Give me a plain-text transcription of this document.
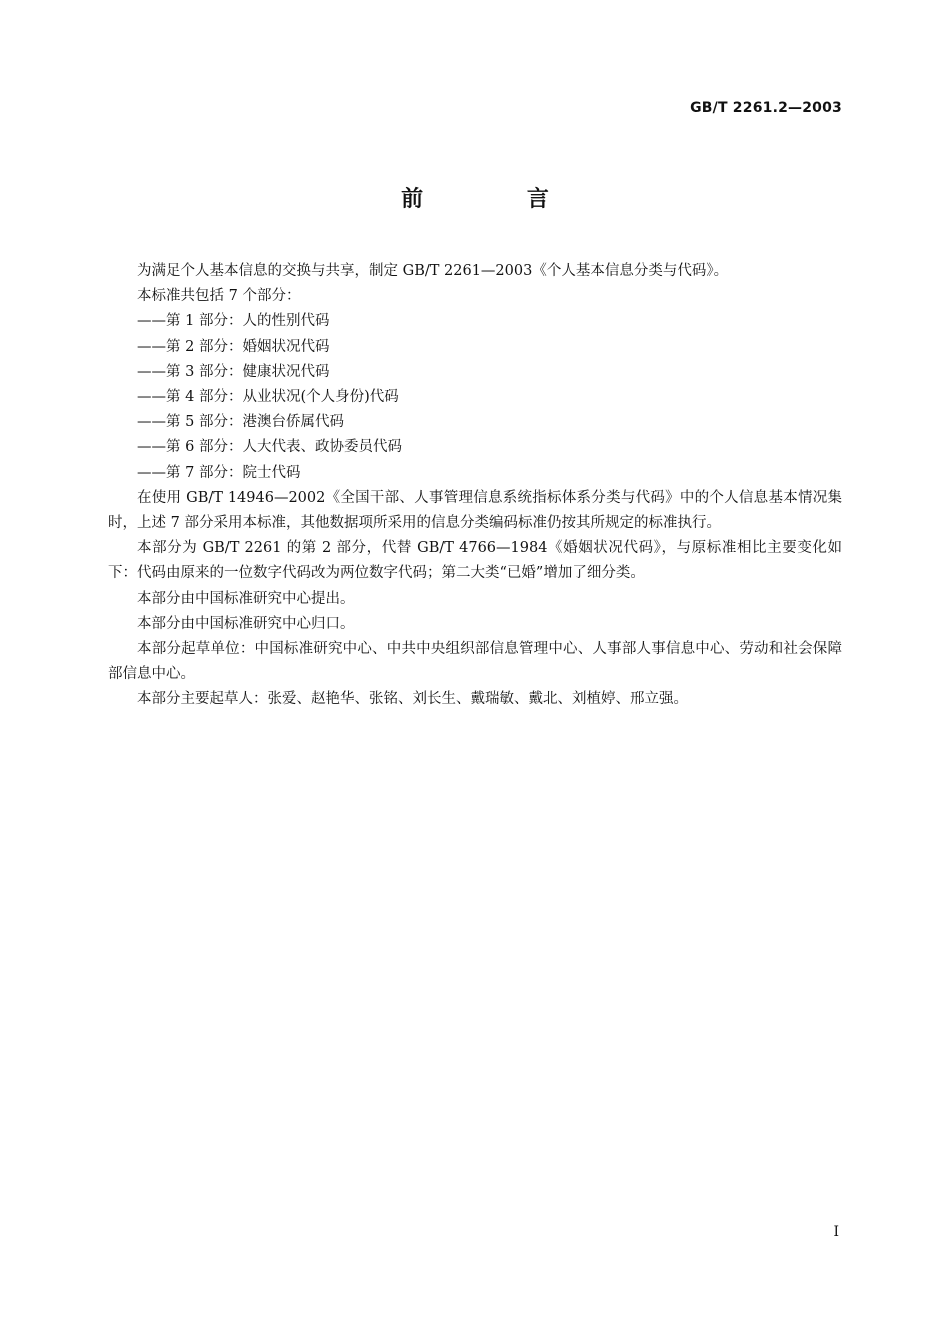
GB/T 2261.2—2003
前 言

为满足个人基本信息的交换与共享，制定 GB/T 2261—2003《个人基本信息分类与代码》。

本标准共包括 7 个部分：

——第 1 部分：人的性别代码

——第 2 部分：婚姻状况代码

——第 3 部分：健康状况代码

——第 4 部分：从业状况(个人身份)代码

——第 5 部分：港澳台侨属代码

——第 6 部分：人大代表、政协委员代码

——第 7 部分：院士代码

在使用 GB/T 14946—2002《全国干部、人事管理信息系统指标体系分类与代码》中的个人信息基本情况集时，上述 7 部分采用本标准，其他数据项所采用的信息分类编码标准仍按其所规定的标准执行。

本部分为 GB/T 2261 的第 2 部分，代替 GB/T 4766—1984《婚姻状况代码》，与原标准相比主要变化如下：代码由原来的一位数字代码改为两位数字代码；第二大类“已婚”增加了细分类。

本部分由中国标准研究中心提出。

本部分由中国标准研究中心归口。

本部分起草单位：中国标准研究中心、中共中央组织部信息管理中心、人事部人事信息中心、劳动和社会保障部信息中心。

本部分主要起草人：张爱、赵艳华、张铭、刘长生、戴瑞敏、戴北、刘植婷、邢立强。

I
